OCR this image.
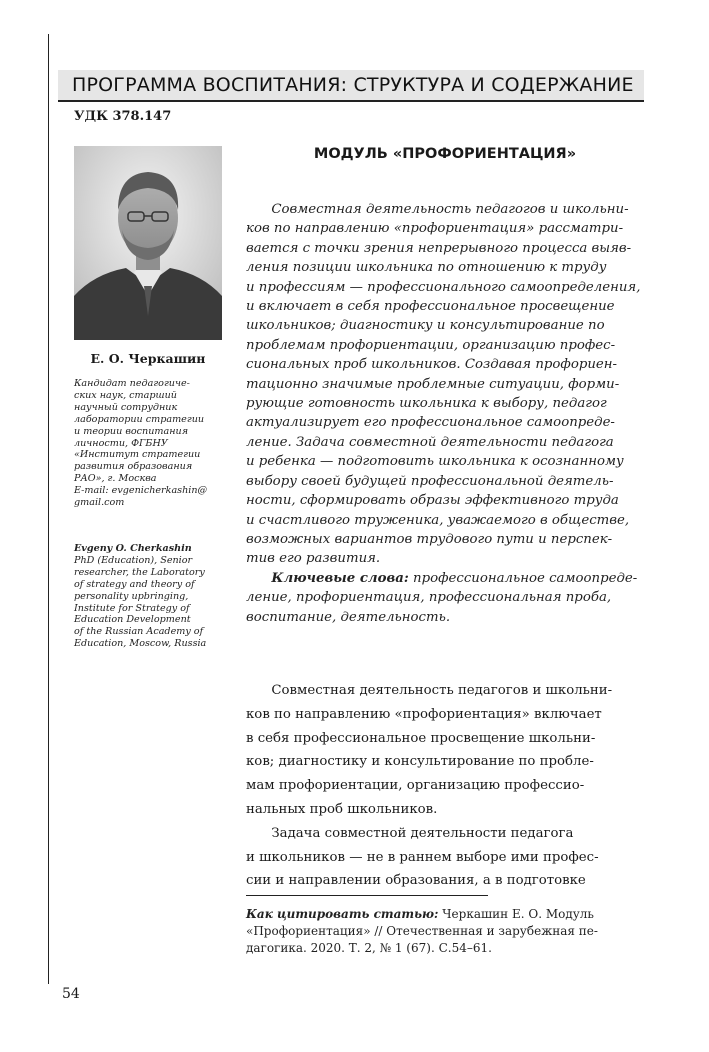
ПРОГРАММА ВОСПИТАНИЯ: СТРУКТУРА И СОДЕРЖАНИЕ
УДК 378.147
Е. О. Черкашин
Кандидат педагогиче-
ских наук, старший
научный сотрудник
лаборатории стратегии
и теории воспитания
личности, ФГБНУ
«Институт стратегии
развития образования
РАО», г. Москва
E-mail: evgenicherkashin@
gmail.com
Evgeny O. Cherkashin
PhD (Education), Senior
researcher, the Laboratory
of strategy and theory of
personality upbringing,
Institute for Strategy of
Education Development
of the Russian Academy of
Education, Moscow, Russia
МОДУЛЬ «ПРОФОРИЕНТАЦИЯ»
Совместная деятельность педагогов и школьни-
ков по направлению «профориентация» рассматри-
вается с точки зрения непрерывного процесса выяв-
ления позиции школьника по отношению к труду
и профессиям — профессионального самоопределения,
и включает в себя профессиональное просвещение
школьников; диагностику и консультирование по
проблемам профориентации, организацию профес-
сиональных проб школьников. Создавая профориен-
тационно значимые проблемные ситуации, форми-
рующие готовность школьника к выбору, педагог
актуализирует его профессиональное самоопреде-
ление. Задача совместной деятельности педагога
и ребенка — подготовить школьника к осознанному
выбору своей будущей профессиональной деятель-
ности, сформировать образы эффективного труда
и счастливого труженика, уважаемого в обществе,
возможных вариантов трудового пути и перспек-
тив его развития.
Ключевые слова: профессиональное самоопреде-
ление, профориентация, профессиональная проба,
воспитание, деятельность.
Совместная деятельность педагогов и школьни-
ков по направлению «профориентация» включает
в себя профессиональное просвещение школьни-
ков; диагностику и консультирование по пробле-
мам профориентации, организацию профессио-
нальных проб школьников.
Задача совместной деятельности педагога
и школьников — не в раннем выборе ими профес-
сии и направлении образования, а в подготовке
Как цитировать статью: Черкашин Е. О. Модуль
«Профориентация» // Отечественная и зарубежная пе-
дагогика. 2020. Т. 2, № 1 (67). С.54–61.
54
